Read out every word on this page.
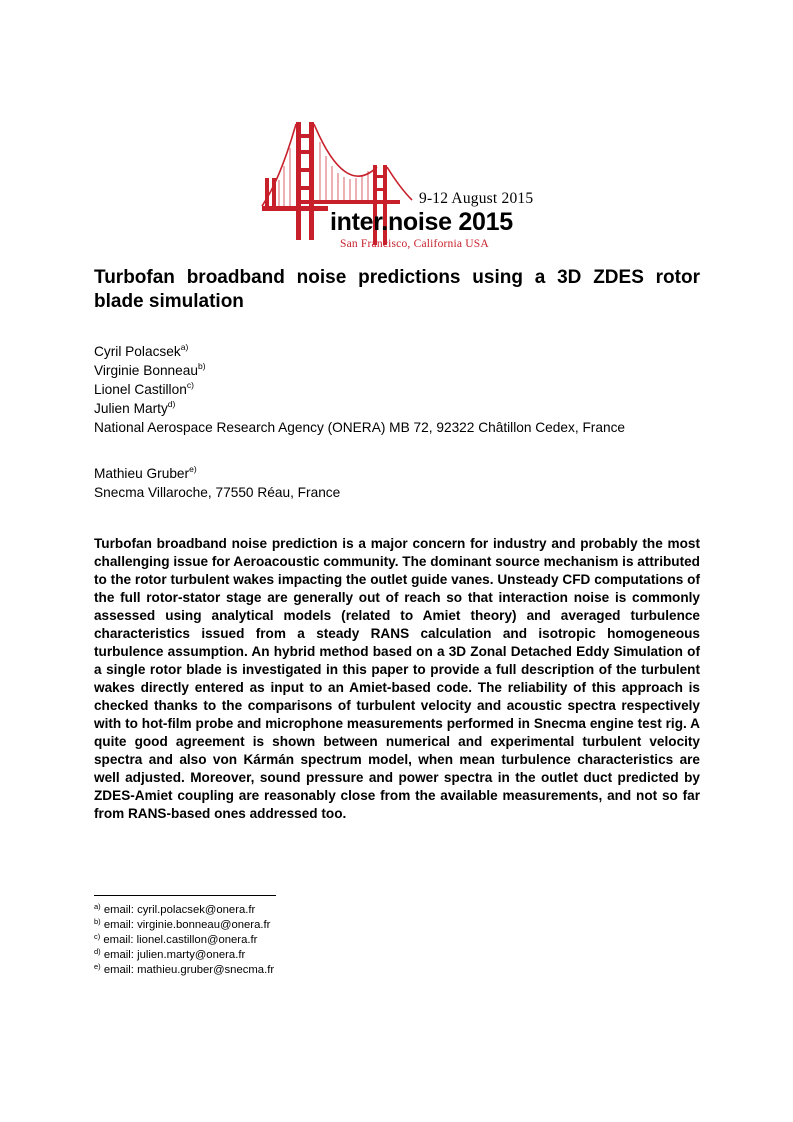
9-12 August 2015
inter.noise 2015
San Francisco, California USA
Turbofan broadband noise predictions using a 3D ZDES rotor blade simulation
Cyril Polacsek$^{a)}$
Virginie Bonneau$^{b)}$
Lionel Castillon$^{c)}$
Julien Marty$^{d)}$
National Aerospace Research Agency (ONERA) MB 72, 92322 Châtillon Cedex, France
Mathieu Gruber$^{e)}$
Snecma Villaroche, 77550 Réau, France

Turbofan broadband noise prediction is a major concern for industry and probably the most challenging issue for Aeroacoustic community. The dominant source mechanism is attributed to the rotor turbulent wakes impacting the outlet guide vanes. Unsteady CFD computations of the full rotor-stator stage are generally out of reach so that interaction noise is commonly assessed using analytical models (related to Amiet theory) and averaged turbulence characteristics issued from a steady RANS calculation and isotropic homogeneous turbulence assumption. An hybrid method based on a 3D Zonal Detached Eddy Simulation of a single rotor blade is investigated in this paper to provide a full description of the turbulent wakes directly entered as input to an Amiet-based code. The reliability of this approach is checked thanks to the comparisons of turbulent velocity and acoustic spectra respectively with to hot-film probe and microphone measurements performed in Snecma engine test rig. A quite good agreement is shown between numerical and experimental turbulent velocity spectra and also von Kármán spectrum model, when mean turbulence characteristics are well adjusted. Moreover, sound pressure and power spectra in the outlet duct predicted by ZDES-Amiet coupling are reasonably close from the available measurements, and not so far from RANS-based ones addressed too.

$^{a)}$ email: cyril.polacsek@onera.fr
$^{b)}$ email: virginie.bonneau@onera.fr
$^{c)}$ email: lionel.castillon@onera.fr
$^{d)}$ email: julien.marty@onera.fr
$^{e)}$ email: mathieu.gruber@snecma.fr
